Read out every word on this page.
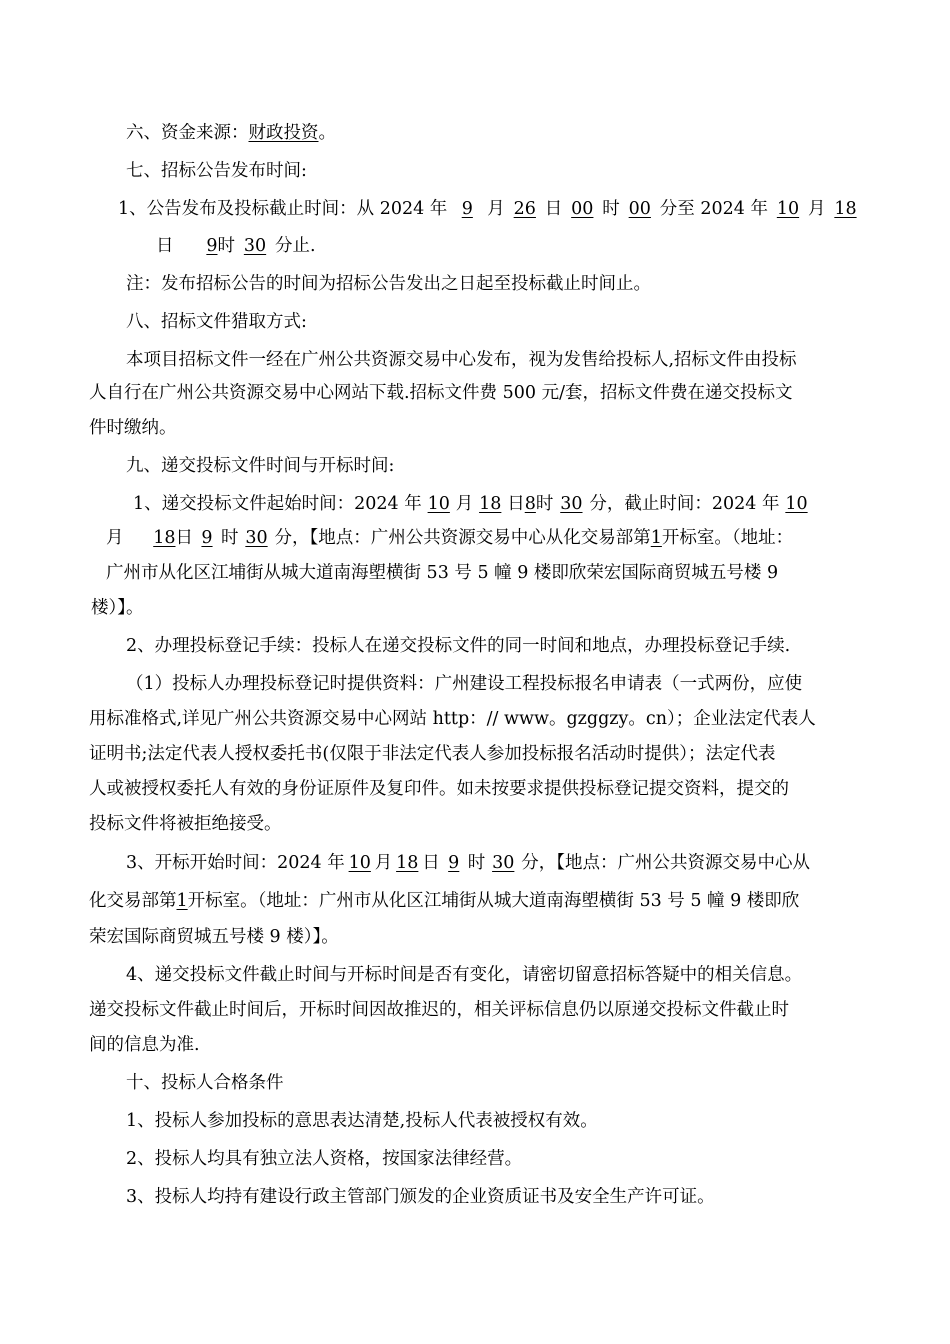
六、资金来源：财政投资。
七、招标公告发布时间:
1、公告发布及投标截止时间：从 2024 年 9 月 26 日 00 时 00 分至 2024 年 10 月 18
日 9时 30 分止.
注：发布招标公告的时间为招标公告发出之日起至投标截止时间止。
八、招标文件猎取方式:
本项目招标文件一经在广州公共资源交易中心发布，视为发售给投标人,招标文件由投标
人自行在广州公共资源交易中心网站下载.招标文件费 500 元/套，招标文件费在递交投标文
件时缴纳。
九、递交投标文件时间与开标时间:
1、递交投标文件起始时间：2024 年 10 月 18 日8时 30 分，截止时间：2024 年 10
月 18日 9 时 30 分，【地点：广州公共资源交易中心从化交易部第1开标室。（地址：
广州市从化区江埔街从城大道南海塱横街 53 号 5 幢 9 楼即欣荣宏国际商贸城五号楼 9
楼）】。
2、办理投标登记手续：投标人在递交投标文件的同一时间和地点，办理投标登记手续.
（1）投标人办理投标登记时提供资料：广州建设工程投标报名申请表（一式两份，应使
用标准格式,详见广州公共资源交易中心网站 http：// www。gzggzy。cn）；企业法定代表人
证明书;法定代表人授权委托书(仅限于非法定代表人参加投标报名活动时提供）；法定代表
人或被授权委托人有效的身份证原件及复印件。如未按要求提供投标登记提交资料，提交的
投标文件将被拒绝接受。
3、开标开始时间：2024 年 10 月 18 日 9 时 30 分，【地点：广州公共资源交易中心从
化交易部第1开标室。（地址：广州市从化区江埔街从城大道南海塱横街 53 号 5 幢 9 楼即欣
荣宏国际商贸城五号楼 9 楼）】。
4、递交投标文件截止时间与开标时间是否有变化，请密切留意招标答疑中的相关信息。
递交投标文件截止时间后，开标时间因故推迟的，相关评标信息仍以原递交投标文件截止时
间的信息为准.
十、投标人合格条件
1、投标人参加投标的意思表达清楚,投标人代表被授权有效。
2、投标人均具有独立法人资格，按国家法律经营。
3、投标人均持有建设行政主管部门颁发的企业资质证书及安全生产许可证。
